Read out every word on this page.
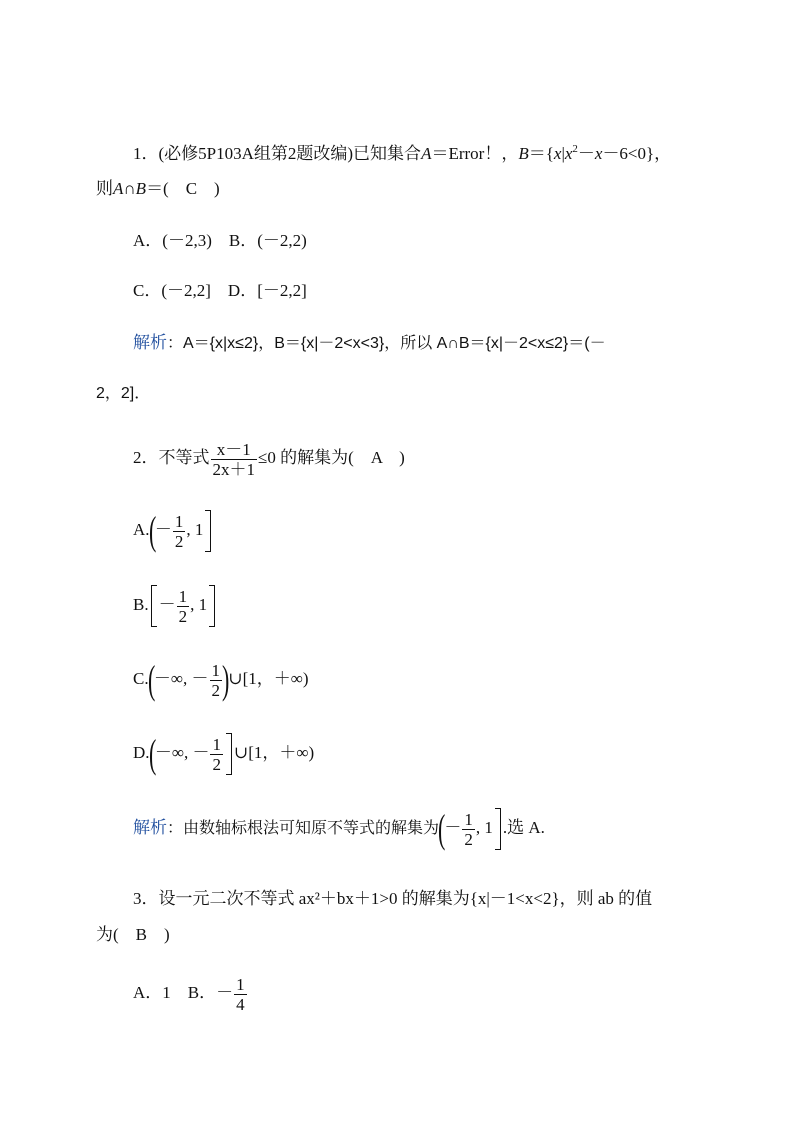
1．(必修5P103A组第2题改编)已知集合A＝Error！，$B=\{x|x^2-x-6<0\}$，
则A∩B＝(　C　)
A．(－2,3)　B．(－2,2)
C．(－2,2]　D．[－2,2]
解析：A＝{x|x≤2}，B＝{x|－2<x<3}，所以 A∩B＝{x|－2<x≤2}＝(－
2，2]．
2．不等式 $\frac{x-1}{2x+1} \le 0$ 的解集为(　A　)
$A.(- \frac{1}{2}$ , 1
B. － $\frac{1}{2}$ , 1
C.(－∞, － $\frac{1}{2}$ )∪[1，＋∞)
D.(－∞, － $\frac{1}{2}$ ∪[1，＋∞)
解析：由数轴标根法可知原不等式的解集为(－ $\frac{1}{2}$ , 1 .选 A.
3．设一元二次不等式 ax²＋bx＋1>0 的解集为{x|－1<x<2}，则 ab 的值
为(　B　)
A．1　B．－ $\frac{1}{4}$
